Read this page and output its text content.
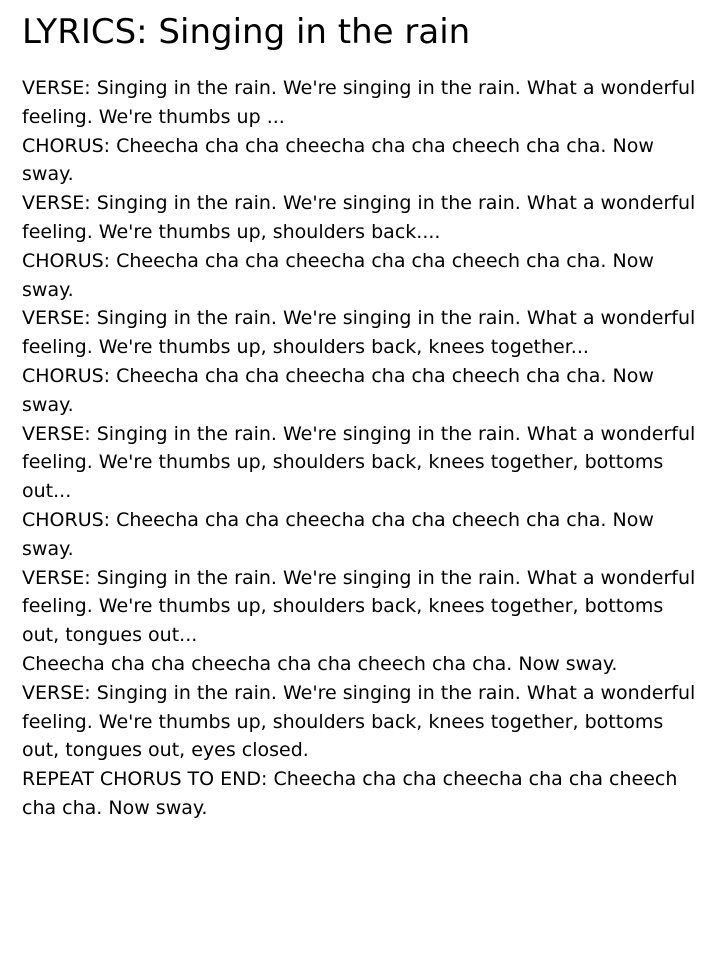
LYRICS: Singing in the rain

VERSE: Singing in the rain. We're singing in the rain. What a wonderful feeling. We're thumbs up ...

CHORUS: Cheecha cha cha cheecha cha cha cheech cha cha. Now sway.

VERSE: Singing in the rain. We're singing in the rain. What a wonderful feeling. We're thumbs up, shoulders back....

CHORUS: Cheecha cha cha cheecha cha cha cheech cha cha. Now sway.

VERSE: Singing in the rain. We're singing in the rain. What a wonderful feeling. We're thumbs up, shoulders back, knees together...

CHORUS: Cheecha cha cha cheecha cha cha cheech cha cha. Now sway.

VERSE: Singing in the rain. We're singing in the rain. What a wonderful feeling. We're thumbs up, shoulders back, knees together, bottoms out...

CHORUS: Cheecha cha cha cheecha cha cha cheech cha cha. Now sway.

VERSE: Singing in the rain. We're singing in the rain. What a wonderful feeling. We're thumbs up, shoulders back, knees together, bottoms out, tongues out...

Cheecha cha cha cheecha cha cha cheech cha cha. Now sway.

VERSE: Singing in the rain. We're singing in the rain. What a wonderful feeling. We're thumbs up, shoulders back, knees together, bottoms out, tongues out, eyes closed.

REPEAT CHORUS TO END: Cheecha cha cha cheecha cha cha cheech cha cha. Now sway.
